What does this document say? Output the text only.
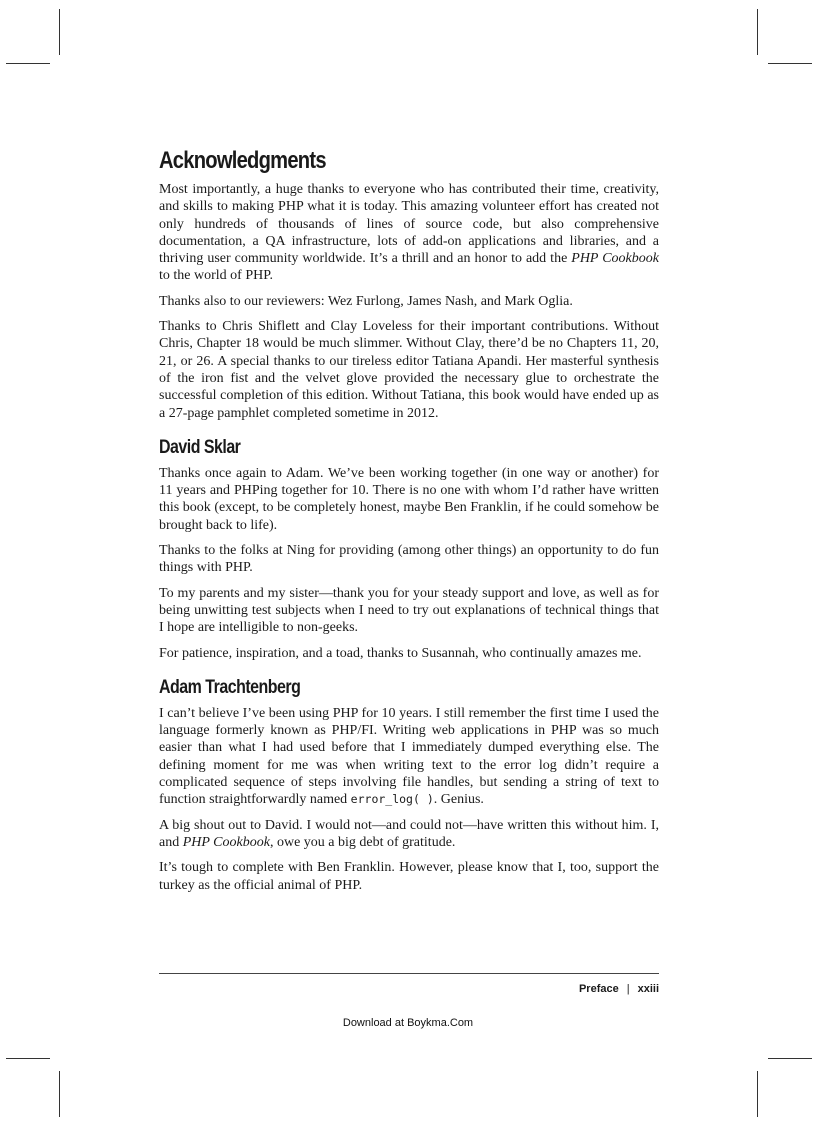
Acknowledgments

Most importantly, a huge thanks to everyone who has contributed their time, creativity, and skills to making PHP what it is today. This amazing volunteer effort has created not only hundreds of thousands of lines of source code, but also comprehensive documentation, a QA infrastructure, lots of add-on applications and libraries, and a thriving user community worldwide. It’s a thrill and an honor to add the PHP Cookbook to the world of PHP.

Thanks also to our reviewers: Wez Furlong, James Nash, and Mark Oglia.

Thanks to Chris Shiflett and Clay Loveless for their important contributions. Without Chris, Chapter 18 would be much slimmer. Without Clay, there’d be no Chapters 11, 20, 21, or 26. A special thanks to our tireless editor Tatiana Apandi. Her masterful synthesis of the iron fist and the velvet glove provided the necessary glue to orchestrate the successful completion of this edition. Without Tatiana, this book would have ended up as a 27-page pamphlet completed sometime in 2012.

David Sklar

Thanks once again to Adam. We’ve been working together (in one way or another) for 11 years and PHPing together for 10. There is no one with whom I’d rather have written this book (except, to be completely honest, maybe Ben Franklin, if he could somehow be brought back to life).

Thanks to the folks at Ning for providing (among other things) an opportunity to do fun things with PHP.

To my parents and my sister—thank you for your steady support and love, as well as for being unwitting test subjects when I need to try out explanations of technical things that I hope are intelligible to non-geeks.

For patience, inspiration, and a toad, thanks to Susannah, who continually amazes me.

Adam Trachtenberg

I can’t believe I’ve been using PHP for 10 years. I still remember the first time I used the language formerly known as PHP/FI. Writing web applications in PHP was so much easier than what I had used before that I immediately dumped everything else. The defining moment for me was when writing text to the error log didn’t require a complicated sequence of steps involving file handles, but sending a string of text to function straightforwardly named error_log( ). Genius.

A big shout out to David. I would not—and could not—have written this without him. I, and PHP Cookbook, owe you a big debt of gratitude.

It’s tough to complete with Ben Franklin. However, please know that I, too, support the turkey as the official animal of PHP.

Preface | xxiii
Download at Boykma.Com
